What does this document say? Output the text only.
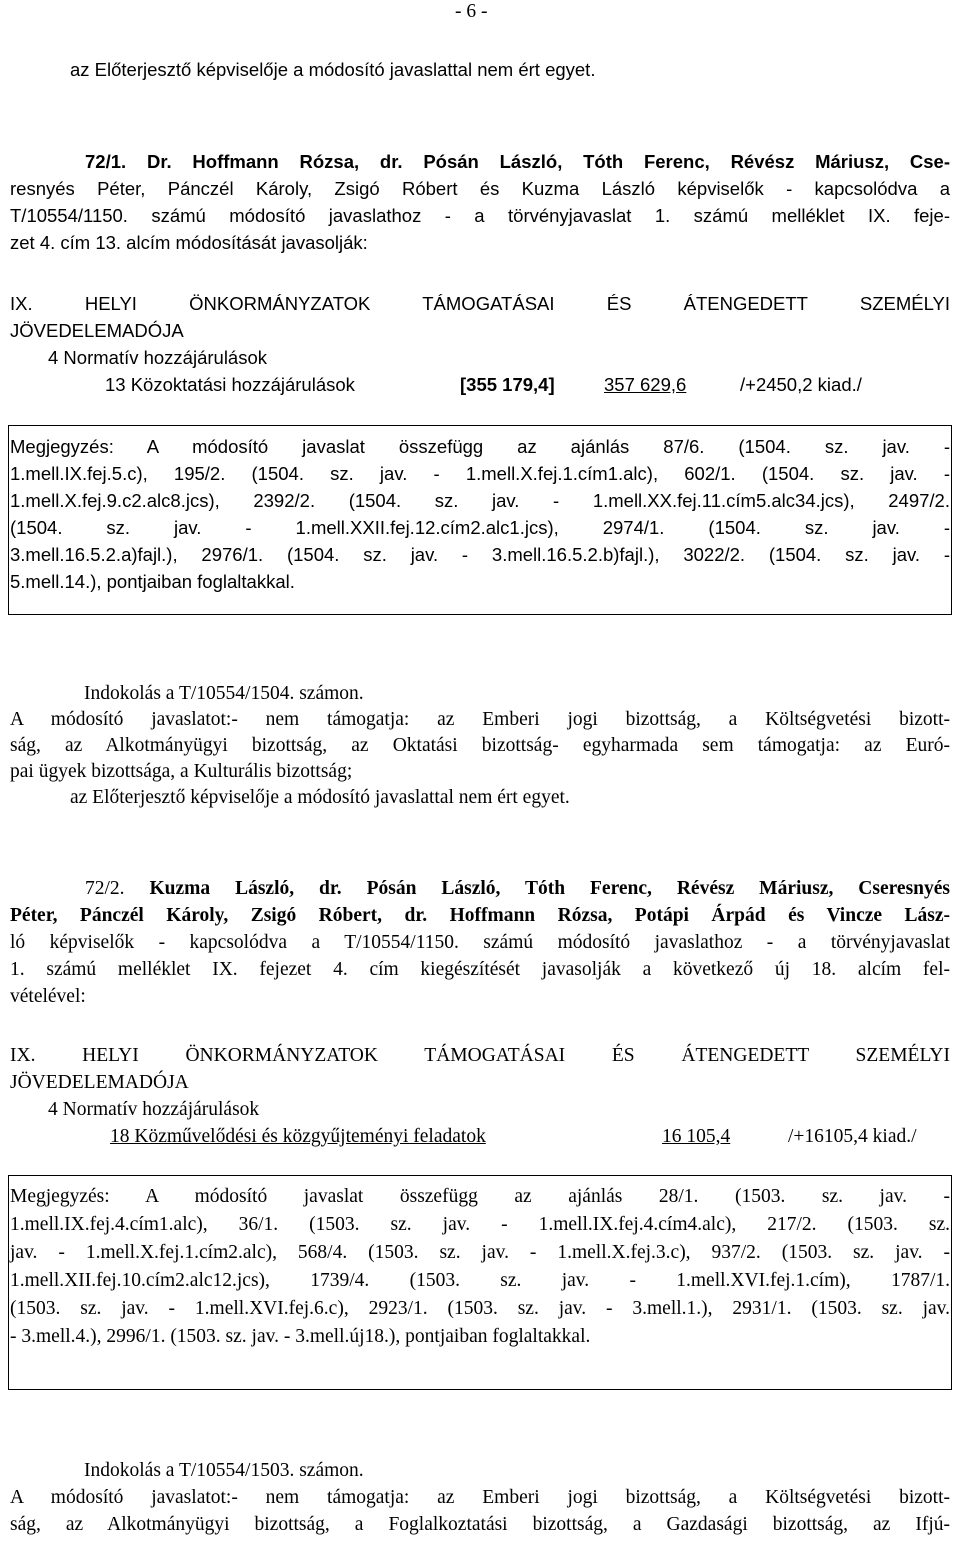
- 6 -
az Előterjesztő képviselője a módosító javaslattal nem ért egyet.
72/1. Dr. Hoffmann Rózsa, dr. Pósán László, Tóth Ferenc, Révész Máriusz, Cse-
resnyés Péter, Pánczél Károly, Zsigó Róbert és Kuzma László képviselők - kapcsolódva a
T/10554/1150. számú módosító javaslathoz - a törvényjavaslat 1. számú melléklet IX. feje-
zet 4. cím 13. alcím módosítását javasolják:
IX. HELYI ÖNKORMÁNYZATOK TÁMOGATÁSAI ÉS ÁTENGEDETT SZEMÉLYI
JÖVEDELEMADÓJA
4 Normatív hozzájárulások
13 Közoktatási hozzájárulások	[355 179,4]	357 629,6	/+2450,2 kiad./
Megjegyzés: A módosító javaslat összefügg az ajánlás 87/6. (1504. sz. jav. -
1.mell.IX.fej.5.c), 195/2. (1504. sz. jav. - 1.mell.X.fej.1.cím1.alc), 602/1. (1504. sz. jav. -
1.mell.X.fej.9.c2.alc8.jcs), 2392/2. (1504. sz. jav. - 1.mell.XX.fej.11.cím5.alc34.jcs), 2497/2.
(1504. sz. jav. - 1.mell.XXII.fej.12.cím2.alc1.jcs), 2974/1. (1504. sz. jav. -
3.mell.16.5.2.a)fajl.), 2976/1. (1504. sz. jav. - 3.mell.16.5.2.b)fajl.), 3022/2. (1504. sz. jav. -
5.mell.14.), pontjaiban foglaltakkal.
Indokolás a T/10554/1504. számon.
A módosító javaslatot:- nem támogatja: az Emberi jogi bizottság, a Költségvetési bizott-
ság, az Alkotmányügyi bizottság, az Oktatási bizottság- egyharmada sem támogatja: az Euró-
pai ügyek bizottsága, a Kulturális bizottság;
az Előterjesztő képviselője a módosító javaslattal nem ért egyet.
72/2. Kuzma László, dr. Pósán László, Tóth Ferenc, Révész Máriusz, Cseresnyés
Péter, Pánczél Károly, Zsigó Róbert, dr. Hoffmann Rózsa, Potápi Árpád és Vincze Lász-
ló képviselők - kapcsolódva a T/10554/1150. számú módosító javaslathoz - a törvényjavaslat
1. számú melléklet IX. fejezet 4. cím kiegészítését javasolják a következő új 18. alcím fel-
vételével:
IX. HELYI ÖNKORMÁNYZATOK TÁMOGATÁSAI ÉS ÁTENGEDETT SZEMÉLYI
JÖVEDELEMADÓJA
4 Normatív hozzájárulások
18 Közművelődési és közgyűjteményi feladatok	16 105,4	/+16105,4 kiad./
Megjegyzés: A módosító javaslat összefügg az ajánlás 28/1. (1503. sz. jav. -
1.mell.IX.fej.4.cím1.alc), 36/1. (1503. sz. jav. - 1.mell.IX.fej.4.cím4.alc), 217/2. (1503. sz.
jav. - 1.mell.X.fej.1.cím2.alc), 568/4. (1503. sz. jav. - 1.mell.X.fej.3.c), 937/2. (1503. sz. jav. -
1.mell.XII.fej.10.cím2.alc12.jcs), 1739/4. (1503. sz. jav. - 1.mell.XVI.fej.1.cím), 1787/1.
(1503. sz. jav. - 1.mell.XVI.fej.6.c), 2923/1. (1503. sz. jav. - 3.mell.1.), 2931/1. (1503. sz. jav.
- 3.mell.4.), 2996/1. (1503. sz. jav. - 3.mell.új18.), pontjaiban foglaltakkal.
Indokolás a T/10554/1503. számon.
A módosító javaslatot:- nem támogatja: az Emberi jogi bizottság, a Költségvetési bizott-
ság, az Alkotmányügyi bizottság, a Foglalkoztatási bizottság, a Gazdasági bizottság, az Ifjú-
